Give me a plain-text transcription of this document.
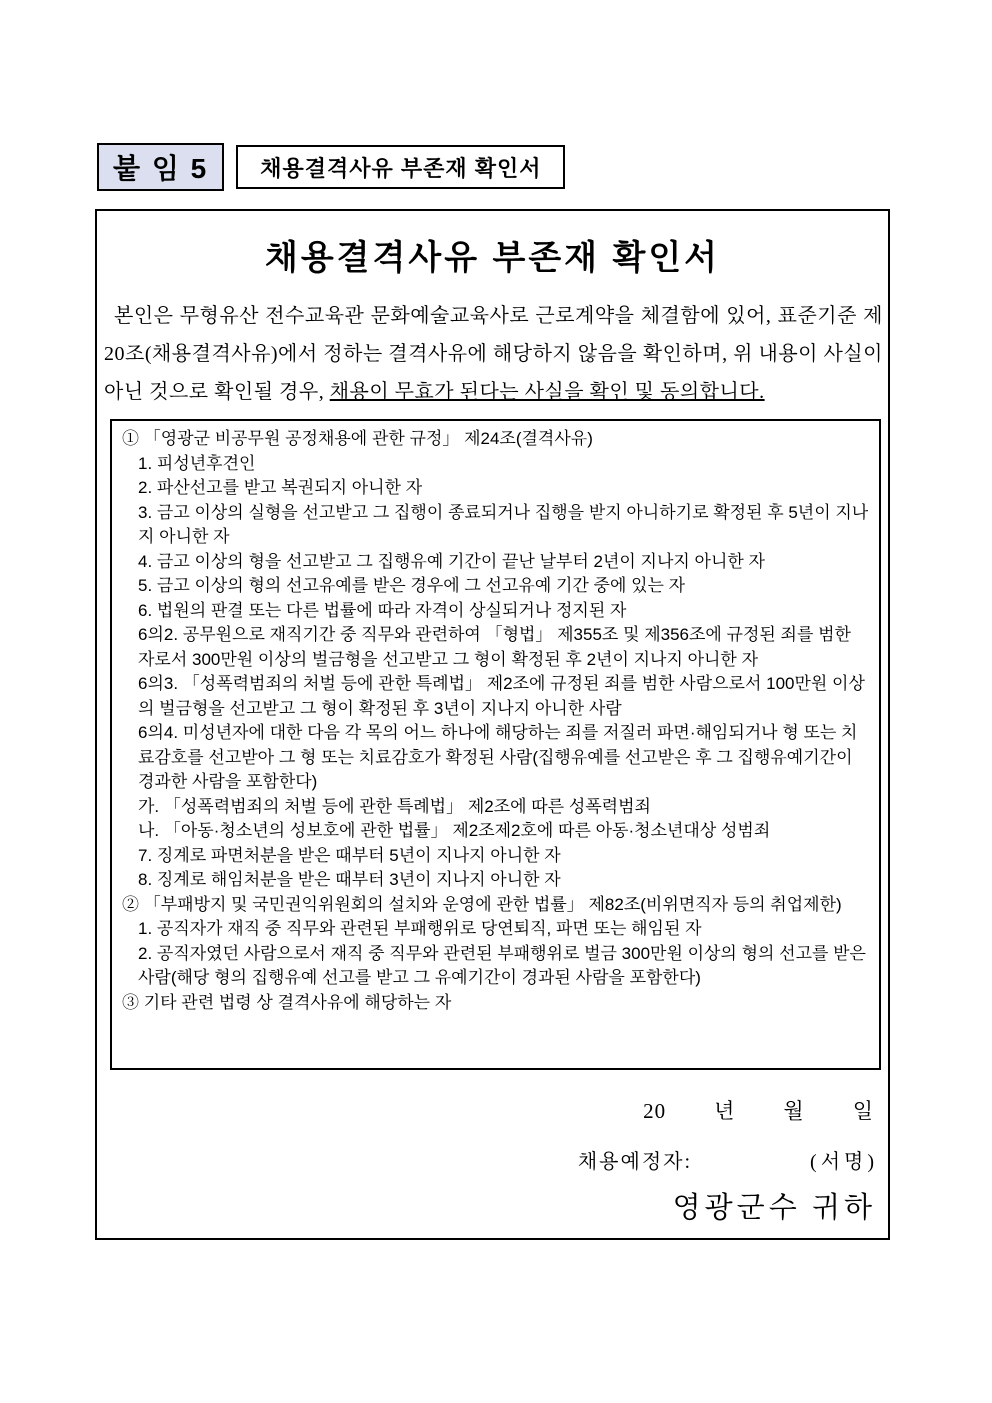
붙 임 5	채용결격사유 부존재 확인서
채용결격사유 부존재 확인서
본인은 무형유산 전수교육관 문화예술교육사로 근로계약을 체결함에 있어, 표준기준 제20조(채용결격사유)에서 정하는 결격사유에 해당하지 않음을 확인하며, 위 내용이 사실이 아닌 것으로 확인될 경우, 채용이 무효가 된다는 사실을 확인 및 동의합니다.
① 「영광군 비공무원 공정채용에 관한 규정」 제24조(결격사유)
1. 피성년후견인
2. 파산선고를 받고 복권되지 아니한 자
3. 금고 이상의 실형을 선고받고 그 집행이 종료되거나 집행을 받지 아니하기로 확정된 후 5년이 지나지 아니한 자
4. 금고 이상의 형을 선고받고 그 집행유예 기간이 끝난 날부터 2년이 지나지 아니한 자
5. 금고 이상의 형의 선고유예를 받은 경우에 그 선고유예 기간 중에 있는 자
6. 법원의 판결 또는 다른 법률에 따라 자격이 상실되거나 정지된 자
6의2. 공무원으로 재직기간 중 직무와 관련하여 「형법」 제355조 및 제356조에 규정된 죄를 범한 자로서 300만원 이상의 벌금형을 선고받고 그 형이 확정된 후 2년이 지나지 아니한 자
6의3. 「성폭력범죄의 처벌 등에 관한 특례법」 제2조에 규정된 죄를 범한 사람으로서 100만원 이상의 벌금형을 선고받고 그 형이 확정된 후 3년이 지나지 아니한 사람
6의4. 미성년자에 대한 다음 각 목의 어느 하나에 해당하는 죄를 저질러 파면·해임되거나 형 또는 치료감호를 선고받아 그 형 또는 치료감호가 확정된 사람(집행유예를 선고받은 후 그 집행유예기간이 경과한 사람을 포함한다)
가. 「성폭력범죄의 처벌 등에 관한 특례법」 제2조에 따른 성폭력범죄
나. 「아동·청소년의 성보호에 관한 법률」 제2조제2호에 따른 아동·청소년대상 성범죄
7. 징계로 파면처분을 받은 때부터 5년이 지나지 아니한 자
8. 징계로 해임처분을 받은 때부터 3년이 지나지 아니한 자
② 「부패방지 및 국민권익위원회의 설치와 운영에 관한 법률」 제82조(비위면직자 등의 취업제한)
1. 공직자가 재직 중 직무와 관련된 부패행위로 당연퇴직, 파면 또는 해임된 자
2. 공직자였던 사람으로서 재직 중 직무와 관련된 부패행위로 벌금 300만원 이상의 형의 선고를 받은 사람(해당 형의 집행유예 선고를 받고 그 유예기간이 경과된 사람을 포함한다)
③ 기타 관련 법령 상 결격사유에 해당하는 자
20 년 월 일
채용예정자:	(서명)
영광군수 귀하
